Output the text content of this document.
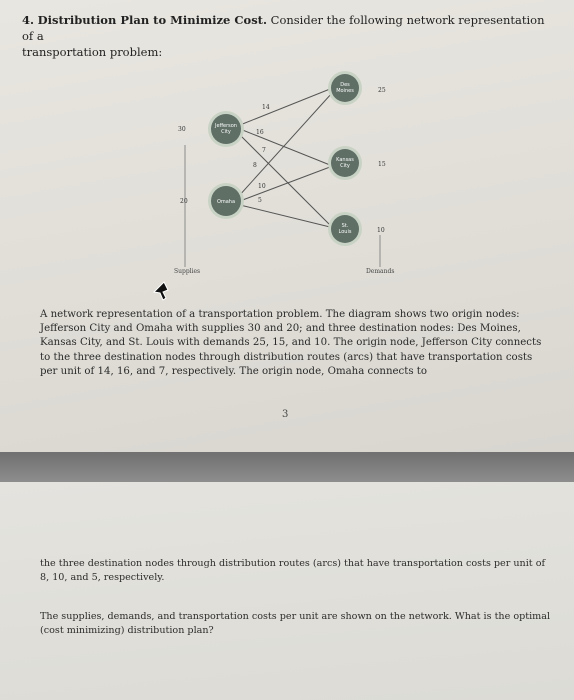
4. Distribution Plan to Minimize Cost. Consider the following network representation of a
transportation problem:
14
16
7
8
10
5
Jefferson
City
Omaha
Des
Moines
Kansas
City
St.
Louis
30
20
25
15
10
Supplies	Demands
A network representation of a transportation problem. The diagram shows two origin nodes: Jefferson City and Omaha with supplies 30 and 20; and three destination nodes: Des Moines, Kansas City, and St. Louis with demands 25, 15, and 10. The origin node, Jefferson City connects to the three destination nodes through distribution routes (arcs) that have transportation costs per unit of 14, 16, and 7, respectively. The origin node, Omaha connects to
3
the three destination nodes through distribution routes (arcs) that have transportation costs per unit of 8, 10, and 5, respectively.
The supplies, demands, and transportation costs per unit are shown on the network. What is the optimal (cost minimizing) distribution plan?
